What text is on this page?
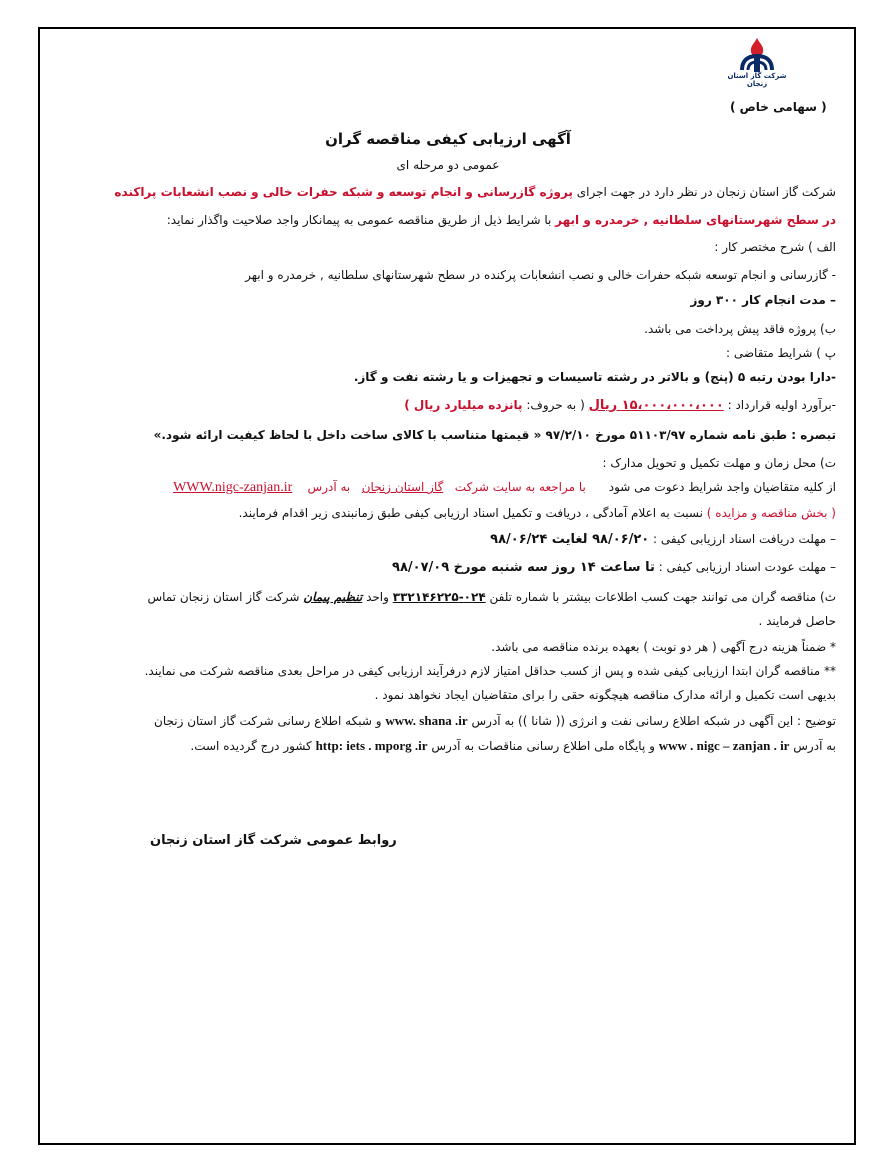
شرکت گاز استان زنجان
( سهامی خاص )
آگهی ارزیابی کیفی مناقصه گران
عمومی دو مرحله ای
شرکت گاز استان زنجان در نظر دارد در جهت اجرای پروژه گازرسانی و انجام توسعه و شبکه حفرات خالی و نصب انشعابات پراکنده
در سطح شهرستانهای سلطانیه , خرمدره و ابهر با شرایط ذیل از طریق مناقصه عمومی به پیمانکار واجد صلاحیت واگذار نماید:
الف ) شرح مختصر کار :
- گازرسانی و انجام توسعه شبکه حفرات خالی و نصب انشعابات پرکنده در سطح شهرستانهای سلطانیه , خرمدره و ابهر
– مدت انجام کار ۳۰۰ روز
ب) پروژه فاقد پیش پرداخت می باشد.
پ ) شرایط متقاضی :
-دارا بودن رتبه ۵ (پنج) و بالاتر در رشته تاسیسات و تجهیزات و یا رشته نفت و گاز.
-برآورد اولیه قرارداد : ۱۵،۰۰۰،۰۰۰،۰۰۰ ریال ( به حروف: پانزده میلیارد ریال )
تبصره : طبق نامه شماره ۵۱۱۰۳/۹۷ مورخ ۹۷/۲/۱۰ « قیمتها متناسب با کالای ساخت داخل با لحاظ کیفیت ارائه شود.»
ت) محل زمان و مهلت تکمیل و تحویل مدارک :
از کلیه متقاضیان واجد شرایط دعوت می شود      با مراجعه به سایت شرکت   گاز استان زنجان   به آدرس    WWW.nigc-zanjan.ir
( بخش مناقصه و مزایده ) نسبت به اعلام آمادگی ، دریافت و تکمیل اسناد ارزیابی کیفی طبق زمانبندی زیر اقدام فرمایند.
– مهلت دریافت اسناد ارزیابی کیفی : ۹۸/۰۶/۲۰ لغایت ۹۸/۰۶/۲۴
– مهلت عودت اسناد ارزیابی کیفی : تا ساعت ۱۴ روز سه شنبه مورخ ۹۸/۰۷/۰۹
ث) مناقصه گران می توانند جهت کسب اطلاعات بیشتر با شماره تلفن ۰۲۴-۳۳۲۱۴۶۲۲۵ واحد تنظیم پیمان شرکت گاز استان زنجان تماس
حاصل فرمایند .
* ضمناً هزینه درج آگهی ( هر دو نوبت ) بعهده برنده مناقصه می باشد.
** مناقصه گران ابتدا ارزیابی کیفی شده و پس از کسب حداقل امتیاز لازم درفرآیند ارزیابی کیفی در مراحل بعدی مناقصه شرکت می نمایند.
بدیهی است تکمیل و ارائه مدارک مناقصه هیچگونه حقی را برای متقاضیان ایجاد نخواهد نمود .
توضیح : این آگهی در شبکه اطلاع رسانی نفت و انرژی (( شانا )) به آدرس www. shana .ir و شبکه اطلاع رسانی شرکت گاز استان زنجان
به آدرس www . nigc – zanjan . ir و پایگاه ملی اطلاع رسانی مناقصات به آدرس http: iets . mporg .ir کشور درج گردیده است.
روابط عمومی شرکت گاز استان زنجان
